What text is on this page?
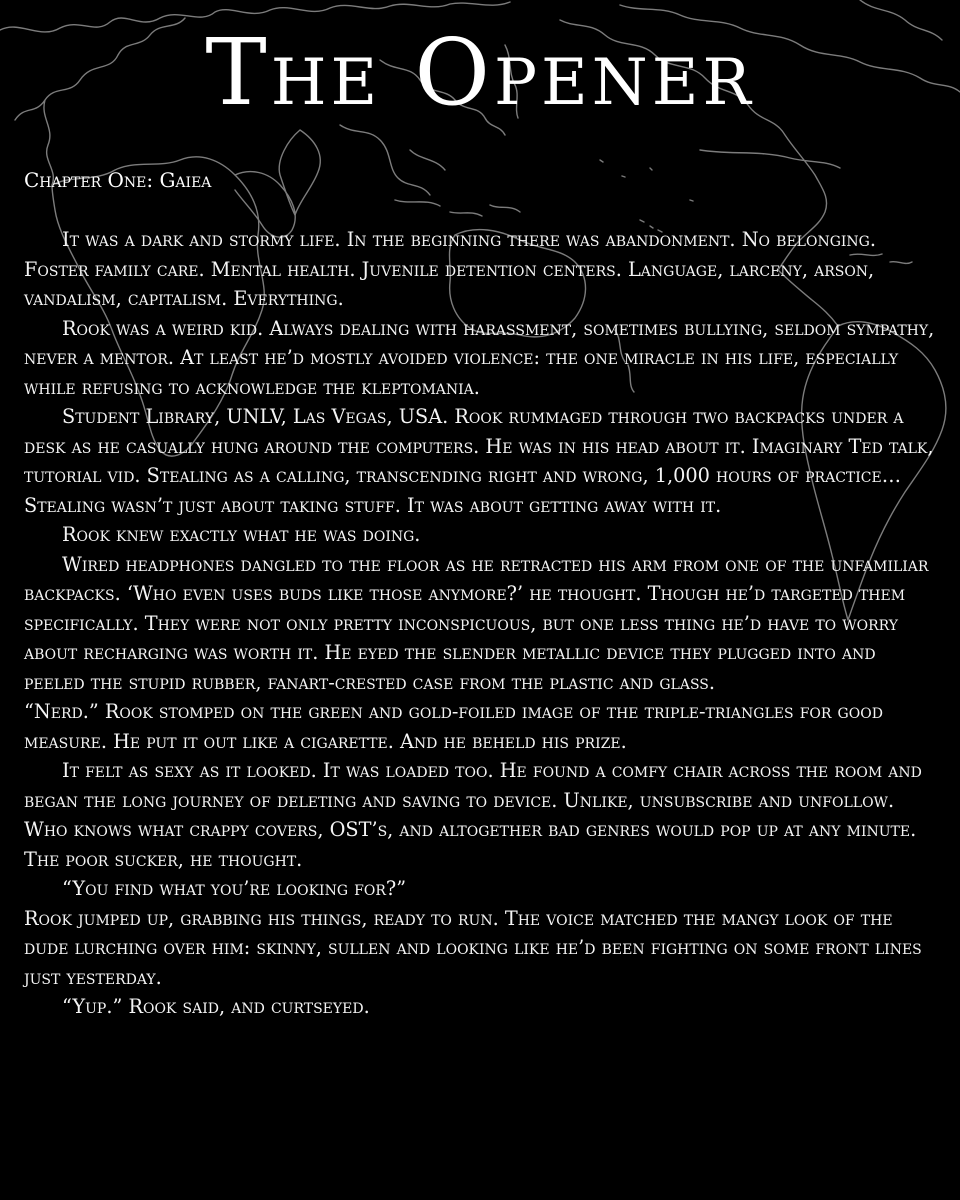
The Opener
Chapter One: Gaiea

It was a dark and stormy life. In the beginning there was abandonment. No belonging. Foster family care. Mental health. Juvenile detention centers. Language, larceny, arson, vandalism, capitalism. Everything.

Rook was a weird kid. Always dealing with harassment, sometimes bullying, seldom sympathy, never a mentor. At least he’d mostly avoided violence: the one miracle in his life, especially while refusing to acknowledge the kleptomania.

Student Library, UNLV, Las Vegas, USA. Rook rummaged through two backpacks under a desk as he casually hung around the computers. He was in his head about it. Imaginary Ted talk, tutorial vid. Stealing as a calling, transcending right and wrong, 1,000 hours of practice… Stealing wasn’t just about taking stuff. It was about getting away with it.

Rook knew exactly what he was doing.

Wired headphones dangled to the floor as he retracted his arm from one of the unfamiliar backpacks. ‘Who even uses buds like those anymore?’ he thought. Though he’d targeted them specifically. They were not only pretty inconspicuous, but one less thing he’d have to worry about recharging was worth it. He eyed the slender metallic device they plugged into and peeled the stupid rubber, fanart-crested case from the plastic and glass.

“Nerd.” Rook stomped on the green and gold-foiled image of the triple-triangles for good measure. He put it out like a cigarette. And he beheld his prize.

It felt as sexy as it looked. It was loaded too. He found a comfy chair across the room and began the long journey of deleting and saving to device. Unlike, unsubscribe and unfollow. Who knows what crappy covers, OST’s, and altogether bad genres would pop up at any minute. The poor sucker, he thought.

“You find what you’re looking for?”

Rook jumped up, grabbing his things, ready to run. The voice matched the mangy look of the dude lurching over him: skinny, sullen and looking like he’d been fighting on some front lines just yesterday.

“Yup.” Rook said, and curtseyed.
